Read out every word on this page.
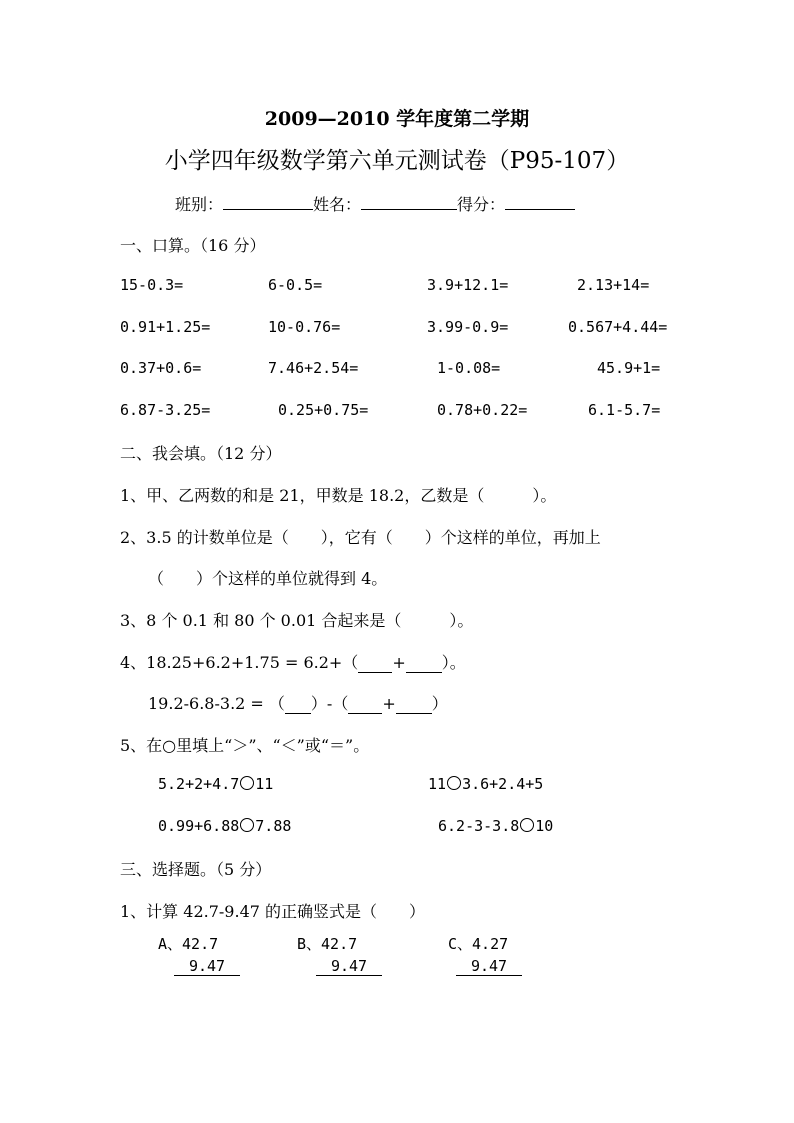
2009—2010 学年度第二学期
小学四年级数学第六单元测试卷（P95-107）
班别：	姓名：	得分：
一、口算。（16 分）
15-0.3=	6-0.5=	3.9+12.1=	2.13+14=
0.91+1.25=	10-0.76=	3.99-0.9=	0.567+4.44=
0.37+0.6=	7.46+2.54=	1-0.08=	45.9+1=
6.87-3.25=	0.25+0.75=	0.78+0.22=	6.1-5.7=
二、我会填。（12 分）
1、甲、乙两数的和是 21，甲数是 18.2，乙数是（　　　）。
2、3.5 的计数单位是（　　），它有（　　）个这样的单位，再加上
（　　）个这样的单位就得到 4。
3、8 个 0.1 和 80 个 0.01 合起来是（　　　）。
4、18.25+6.2+1.75 = 6.2+（ + ）。
19.2-6.8-3.2 = （ ）-（ + ）
5、在○里填上“＞”、“＜”或“＝”。
5.2+2+4.7 11	11 3.6+2.4+5
0.99+6.88 7.88	6.2-3-3.8 10
三、选择题。（5 分）
1、计算 42.7-9.47 的正确竖式是（　　）
A、42.7
9.47
B、42.7
9.47
C、4.27
9.47
